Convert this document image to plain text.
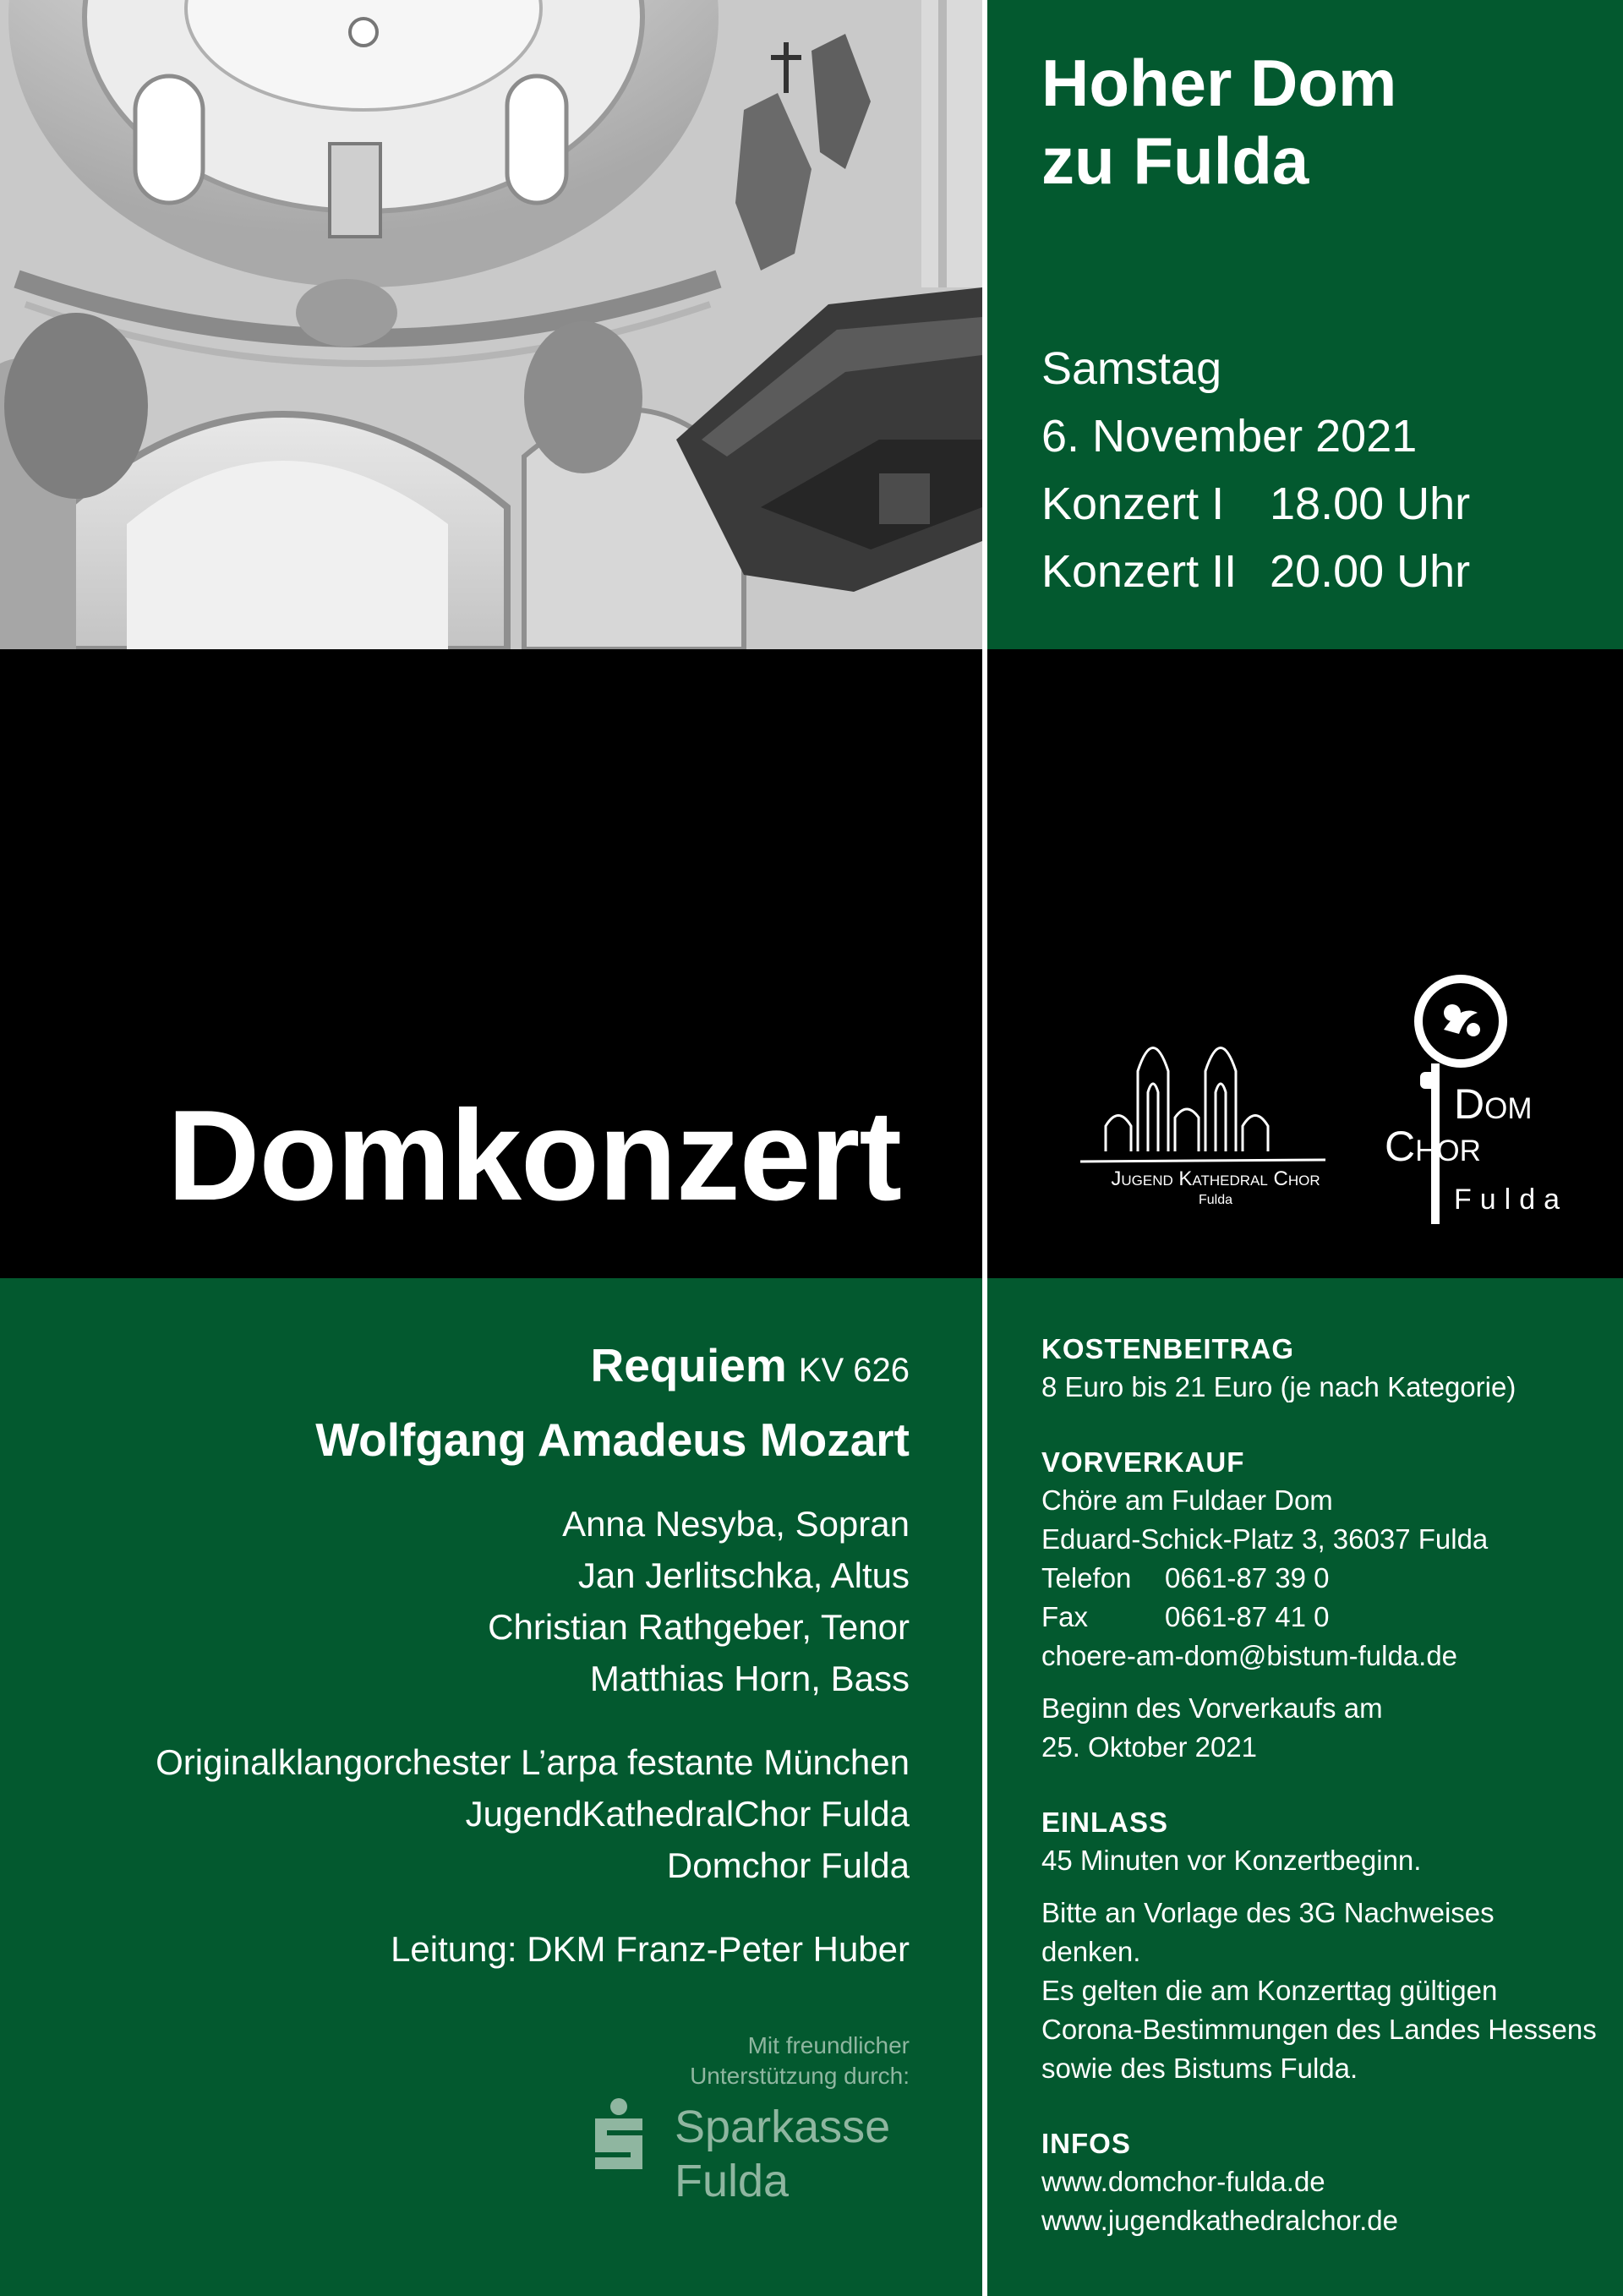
Hoher Dom
zu Fulda
Samstag
6. November 2021
Konzert I 18.00 Uhr
Konzert II 20.00 Uhr
Domkonzert	Jugend Kathedral Chor
Fulda
Dom
Chor
Fulda
Requiem KV 626
Wolfgang Amadeus Mozart
Anna Nesyba, Sopran
Jan Jerlitschka, Altus
Christian Rathgeber, Tenor
Matthias Horn, Bass
Originalklangorchester L’arpa festante München
JugendKathedralChor Fulda
Domchor Fulda
Leitung: DKM Franz-Peter Huber
Mit freundlicher
Unterstützung durch:
Sparkasse
Fulda
KOSTENBEITRAG
8 Euro bis 21 Euro (je nach Kategorie)
VORVERKAUF
Chöre am Fuldaer Dom
Eduard-Schick-Platz 3, 36037 Fulda
Telefon	0661-87 39 0
Fax	0661-87 41 0
choere-am-dom@bistum-fulda.de
Beginn des Vorverkaufs am
25. Oktober 2021
EINLASS
45 Minuten vor Konzertbeginn.
Bitte an Vorlage des 3G Nachweises denken.
Es gelten die am Konzerttag gültigen
Corona-Bestimmungen des Landes Hessens
sowie des Bistums Fulda.
INFOS
www.domchor-fulda.de
www.jugendkathedralchor.de
